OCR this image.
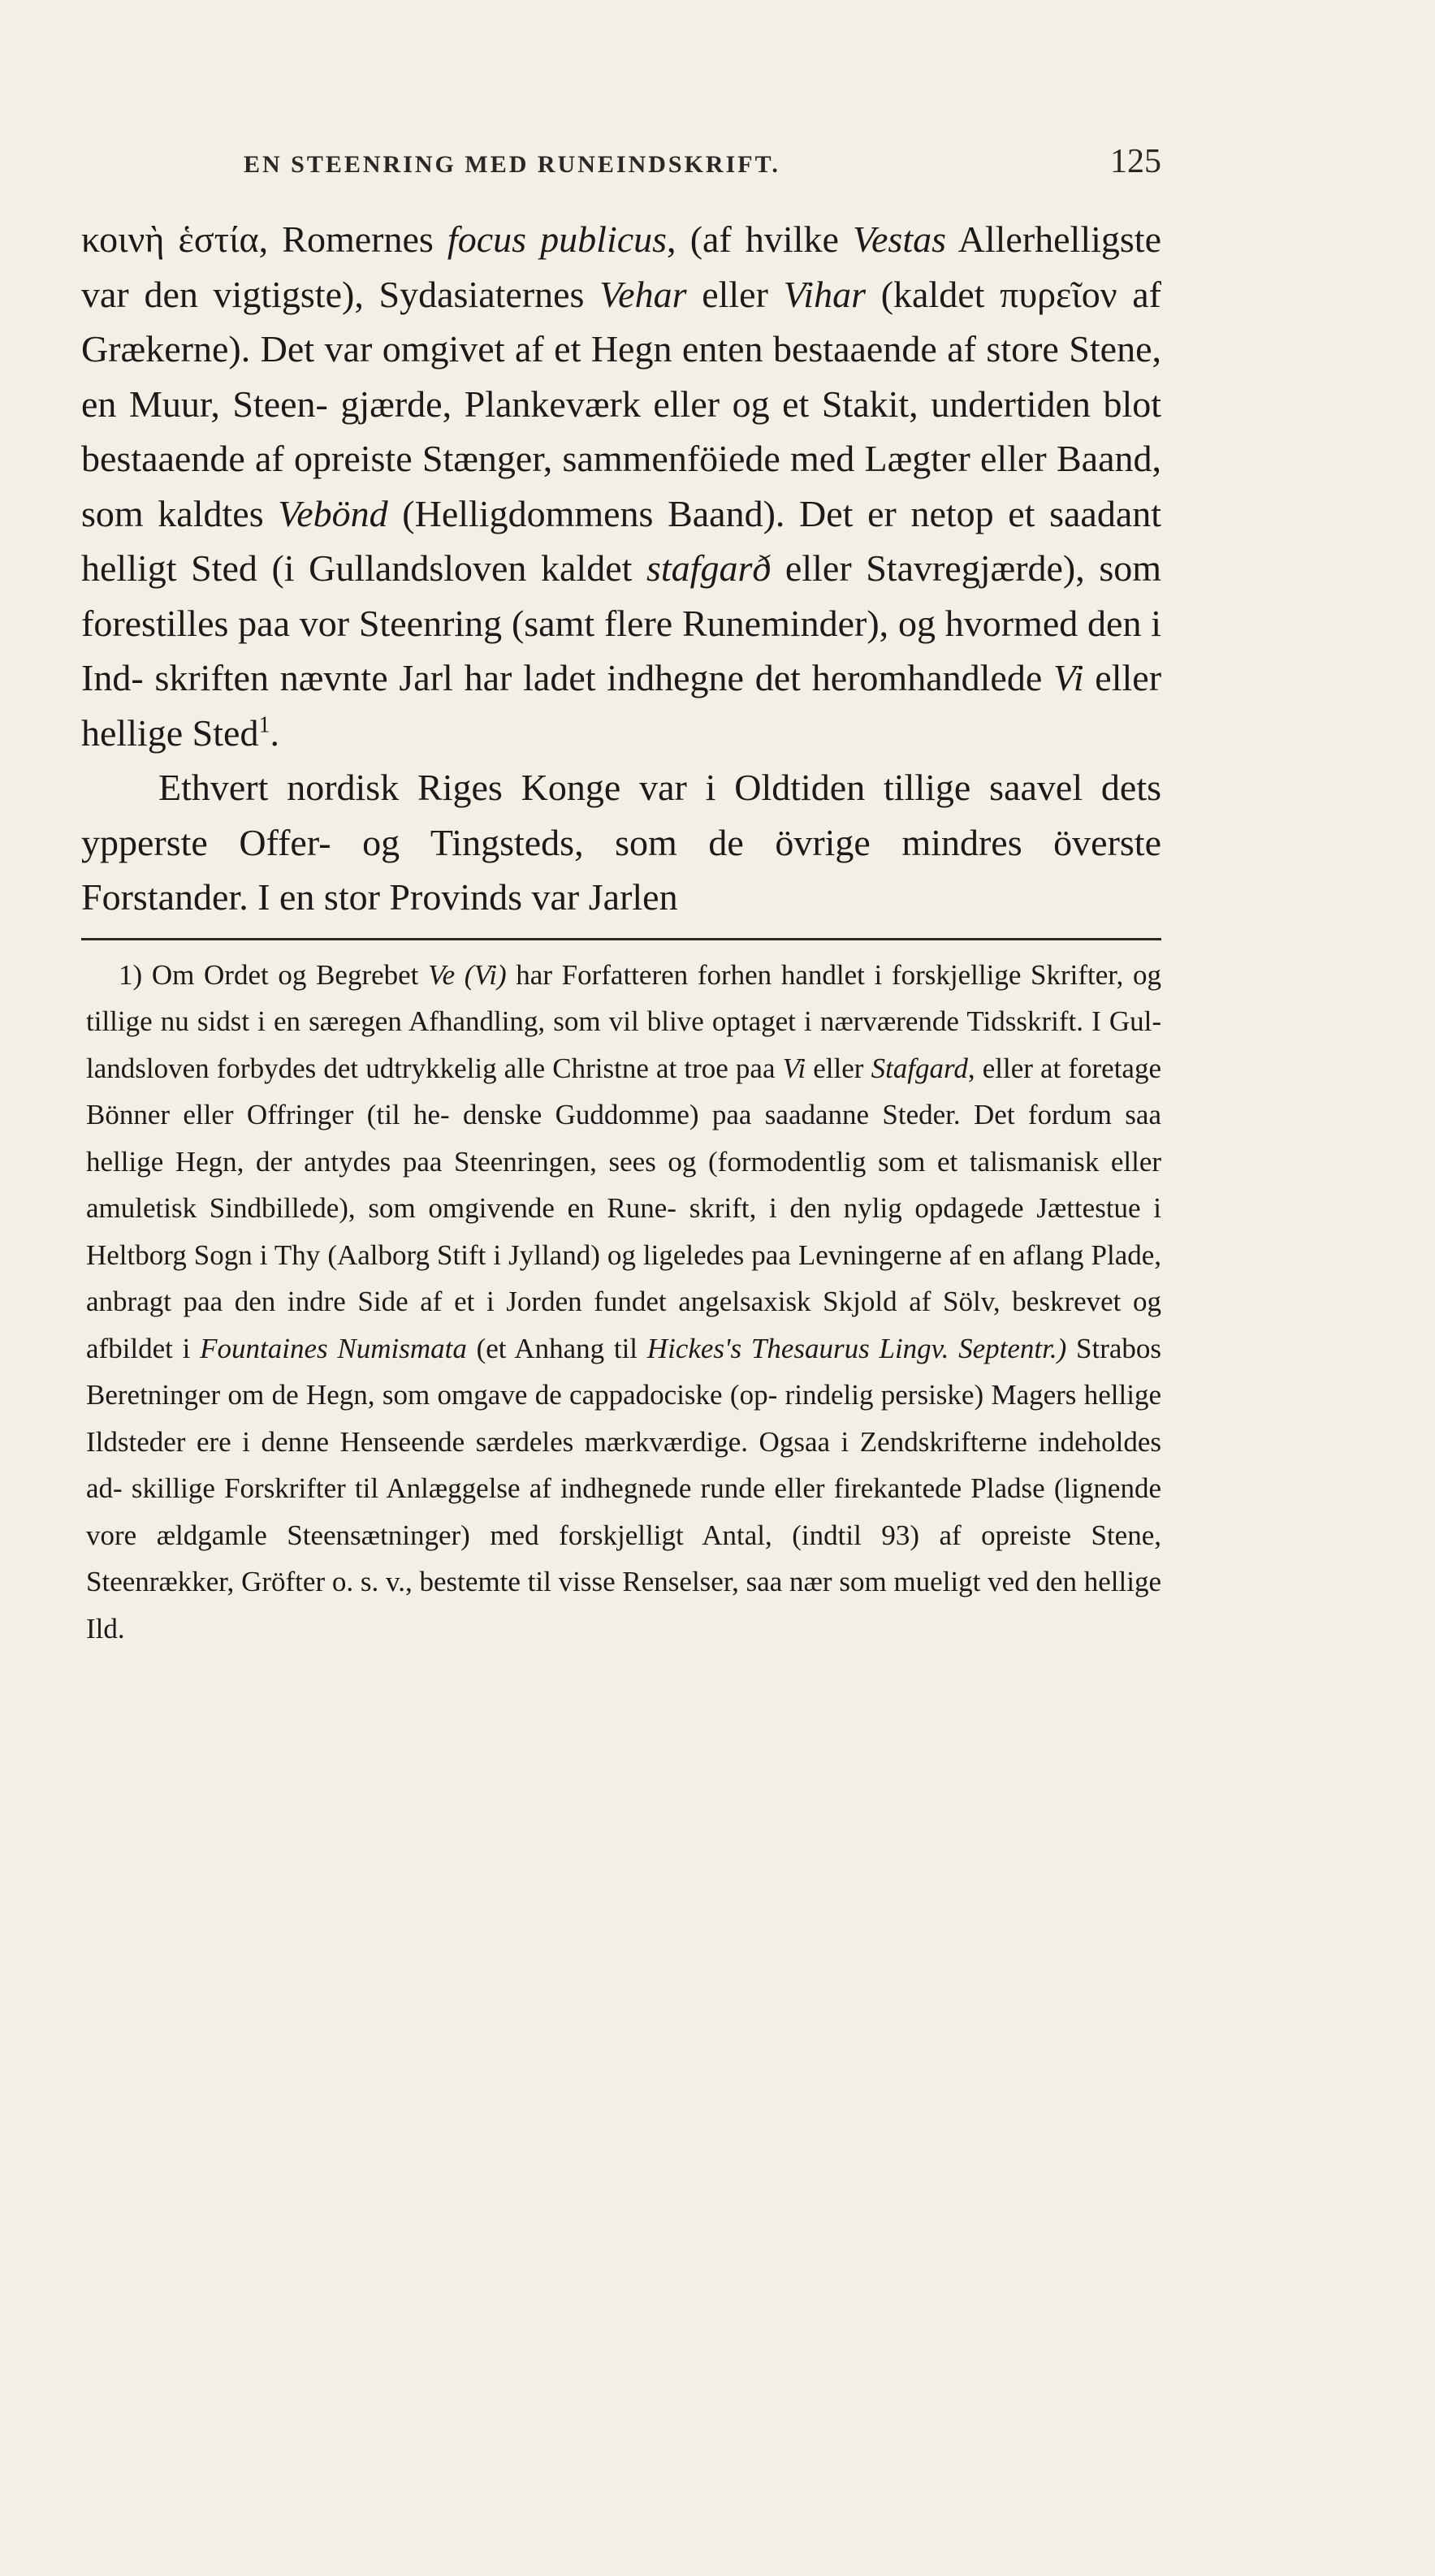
EN STEENRING MED RUNEINDSKRIFT.	125

κοινὴ ἑστία, Romernes focus publicus, (af hvilke Vestas Allerhelligste var den vigtigste), Sydasiaternes Vehar eller Vihar (kaldet πυρεῖον af Grækerne). Det var omgivet af et Hegn enten bestaaende af store Stene, en Muur, Steen- gjærde, Plankeværk eller og et Stakit, undertiden blot bestaaende af opreiste Stænger, sammenföiede med Lægter eller Baand, som kaldtes Vebönd (Helligdommens Baand). Det er netop et saadant helligt Sted (i Gullandsloven kaldet stafgarð eller Stavregjærde), som forestilles paa vor Steenring (samt flere Runeminder), og hvormed den i Ind- skriften nævnte Jarl har ladet indhegne det heromhandlede Vi eller hellige Sted$^1$.

Ethvert nordisk Riges Konge var i Oldtiden tillige saavel dets ypperste Offer- og Tingsteds, som de övrige mindres överste Forstander. I en stor Provinds var Jarlen

1) Om Ordet og Begrebet Ve (Vi) har Forfatteren forhen handlet i forskjellige Skrifter, og tillige nu sidst i en særegen Afhandling, som vil blive optaget i nærværende Tidsskrift. I Gul- landsloven forbydes det udtrykkelig alle Christne at troe paa Vi eller Stafgard, eller at foretage Bönner eller Offringer (til he- denske Guddomme) paa saadanne Steder. Det fordum saa hellige Hegn, der antydes paa Steenringen, sees og (formodentlig som et talismanisk eller amuletisk Sindbillede), som omgivende en Rune- skrift, i den nylig opdagede Jættestue i Heltborg Sogn i Thy (Aalborg Stift i Jylland) og ligeledes paa Levningerne af en aflang Plade, anbragt paa den indre Side af et i Jorden fundet angelsaxisk Skjold af Sölv, beskrevet og afbildet i Fountaines Numismata (et Anhang til Hickes's Thesaurus Lingv. Septentr.) Strabos Beretninger om de Hegn, som omgave de cappadociske (op- rindelig persiske) Magers hellige Ildsteder ere i denne Henseende særdeles mærkværdige. Ogsaa i Zendskrifterne indeholdes ad- skillige Forskrifter til Anlæggelse af indhegnede runde eller firekantede Pladse (lignende vore ældgamle Steensætninger) med forskjelligt Antal, (indtil 93) af opreiste Stene, Steenrækker, Gröfter o. s. v., bestemte til visse Renselser, saa nær som mueligt ved den hellige Ild.
